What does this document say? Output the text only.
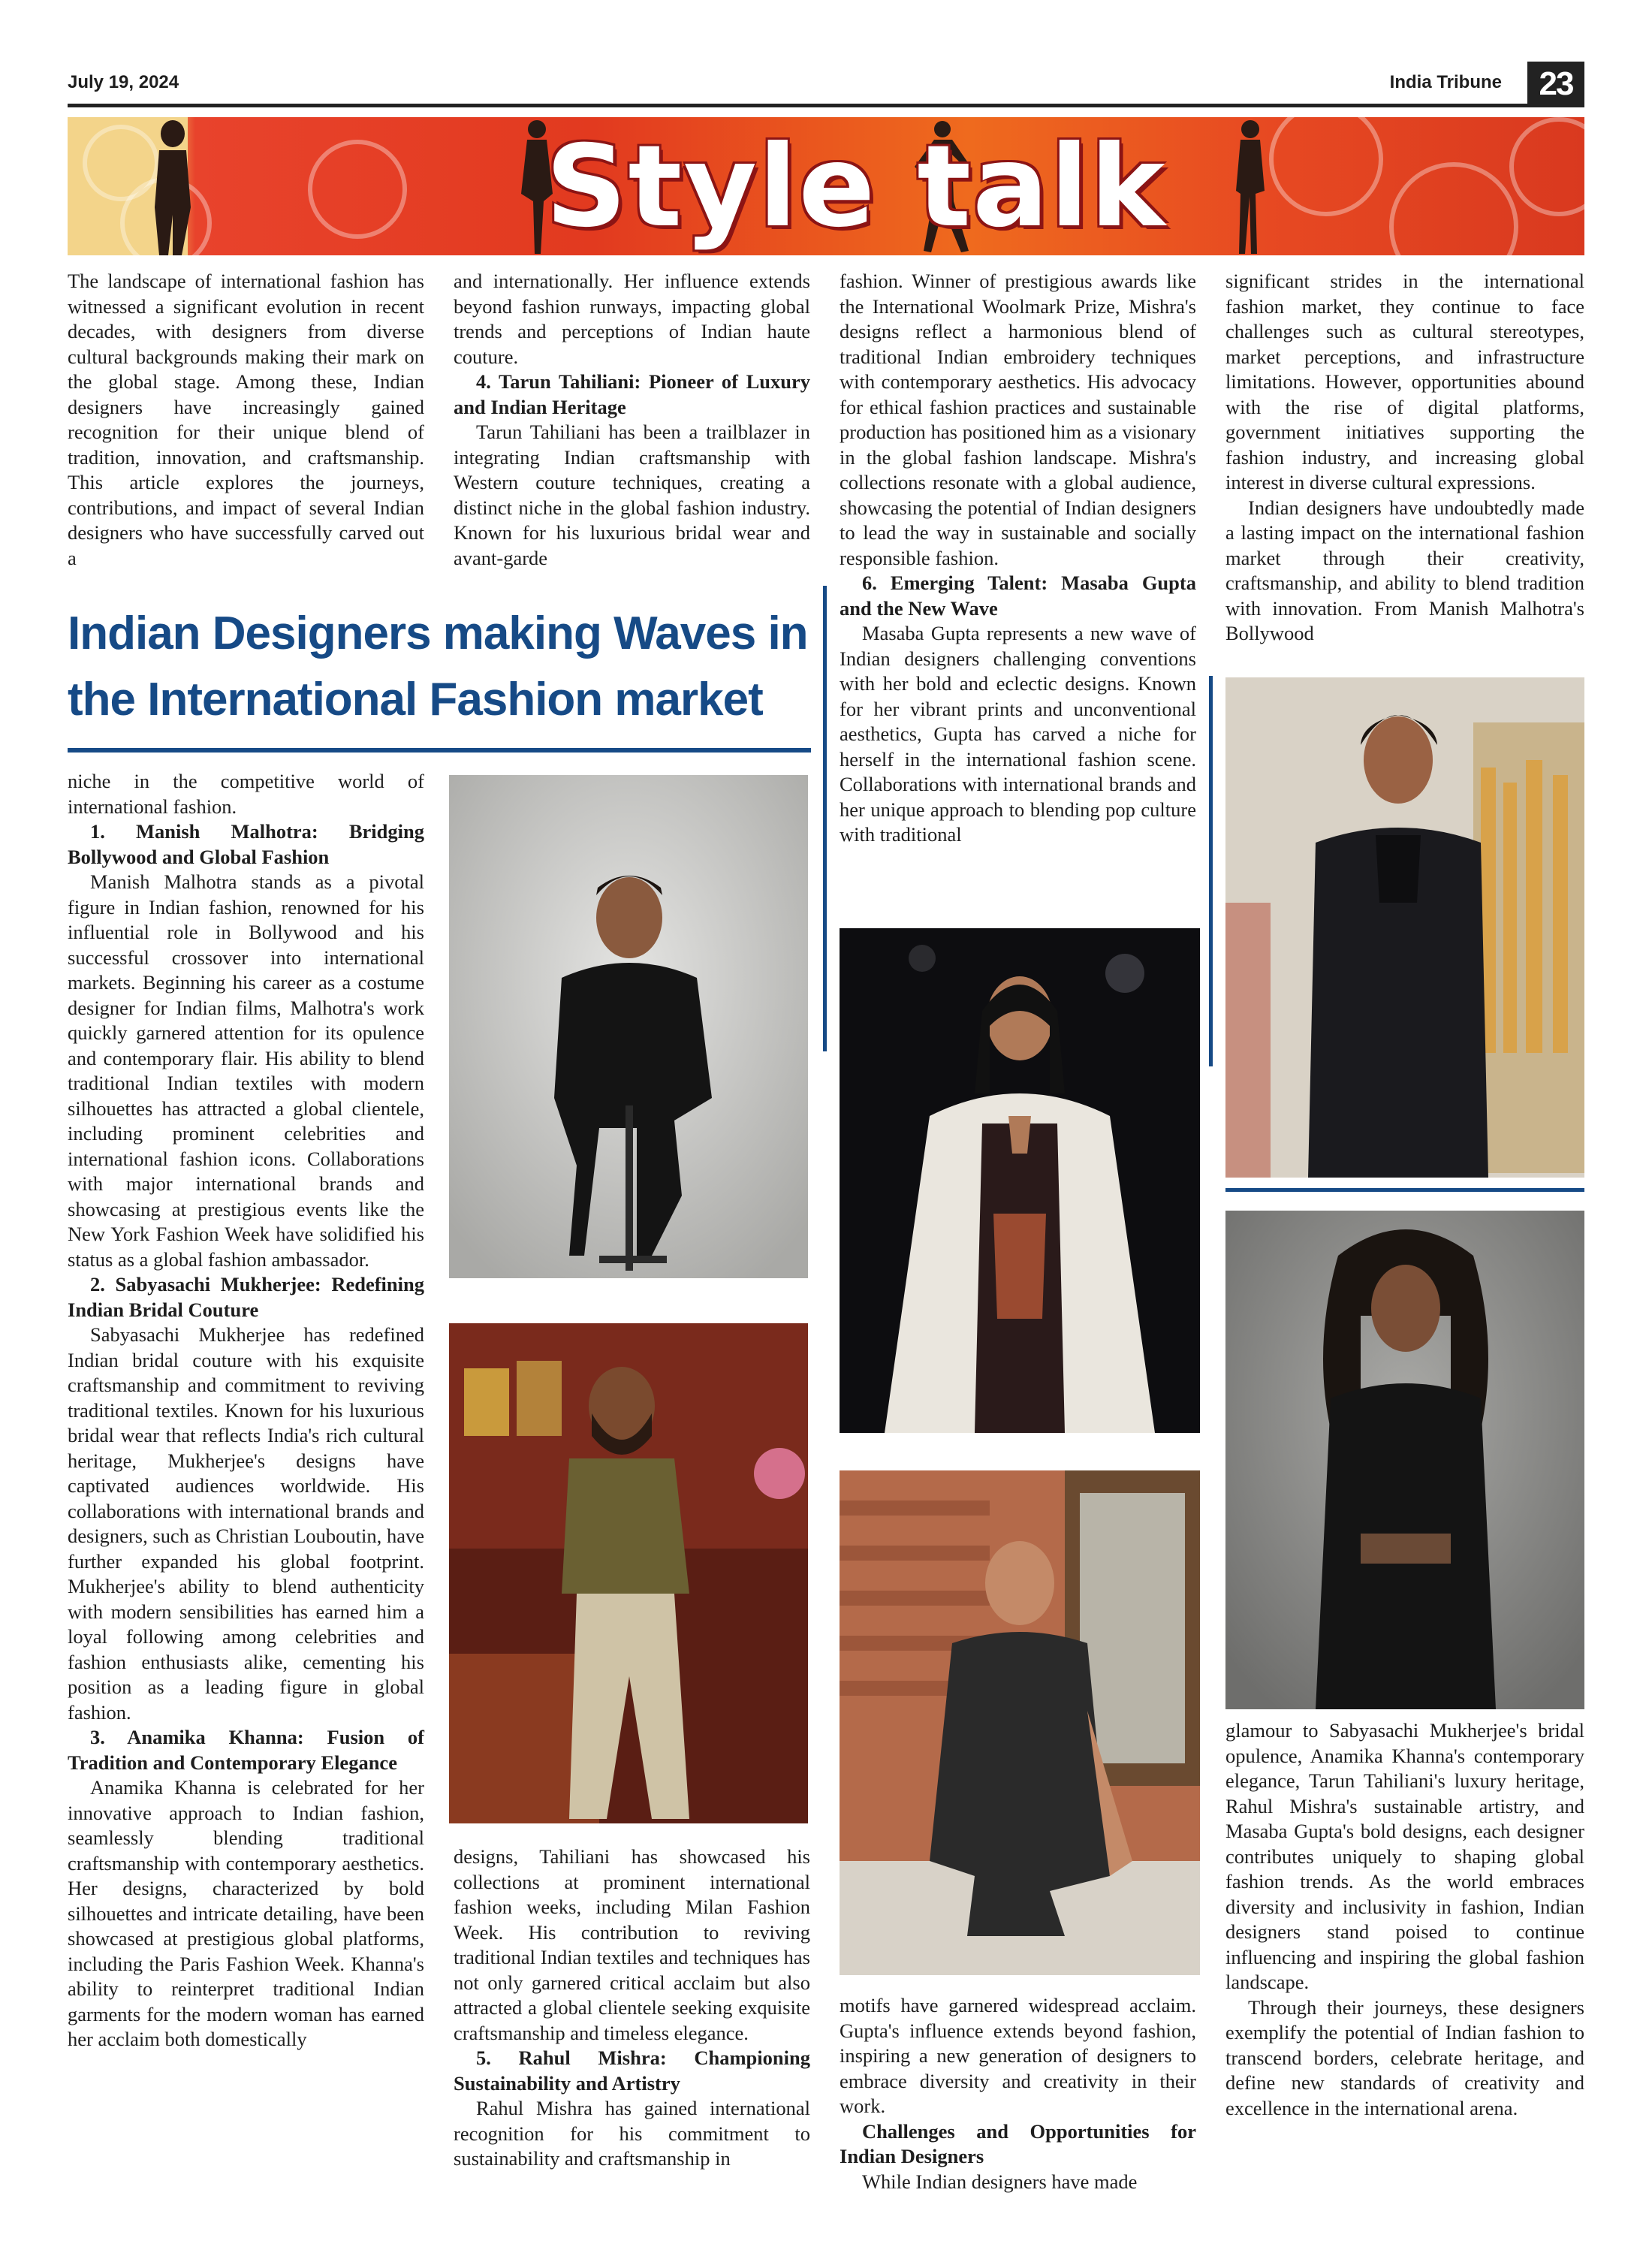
July 19, 2024	India Tribune	23
Style talk

The landscape of international fashion has witnessed a significant evolution in recent decades, with designers from diverse cultural backgrounds making their mark on the global stage. Among these, Indian designers have increasingly gained recognition for their unique blend of tradition, innovation, and craftsmanship. This article explores the journeys, contributions, and impact of several Indian designers who have successfully carved out a

and internationally. Her influence extends beyond fashion runways, impacting global trends and perceptions of Indian haute couture.

4. Tarun Tahiliani: Pioneer of Luxury and Indian Heritage

Tarun Tahiliani has been a trailblazer in integrating Indian craftsmanship with Western couture techniques, creating a distinct niche in the global fashion industry. Known for his luxurious bridal wear and avant-garde

Indian Designers making Waves in the International Fashion market

niche in the competitive world of international fashion.

1. Manish Malhotra: Bridging Bollywood and Global Fashion

Manish Malhotra stands as a pivotal figure in Indian fashion, renowned for his influential role in Bollywood and his successful crossover into international markets. Beginning his career as a costume designer for Indian films, Malhotra's work quickly garnered attention for its opulence and contemporary flair. His ability to blend traditional Indian textiles with modern silhouettes has attracted a global clientele, including prominent celebrities and international fashion icons. Collaborations with major international brands and showcasing at prestigious events like the New York Fashion Week have solidified his status as a global fashion ambassador.

2. Sabyasachi Mukherjee: Redefining Indian Bridal Couture

Sabyasachi Mukherjee has redefined Indian bridal couture with his exquisite craftsmanship and commitment to reviving traditional textiles. Known for his luxurious bridal wear that reflects India's rich cultural heritage, Mukherjee's designs have captivated audiences worldwide. His collaborations with international brands and designers, such as Christian Louboutin, have further expanded his global footprint. Mukherjee's ability to blend authenticity with modern sensibilities has earned him a loyal following among celebrities and fashion enthusiasts alike, cementing his position as a leading figure in global fashion.

3. Anamika Khanna: Fusion of Tradition and Contemporary Elegance

Anamika Khanna is celebrated for her innovative approach to Indian fashion, seamlessly blending traditional craftsmanship with contemporary aesthetics. Her designs, characterized by bold silhouettes and intricate detailing, have been showcased at prestigious global platforms, including the Paris Fashion Week. Khanna's ability to reinterpret traditional Indian garments for the modern woman has earned her acclaim both domestically

designs, Tahiliani has showcased his collections at prominent international fashion weeks, including Milan Fashion Week. His contribution to reviving traditional Indian textiles and techniques has not only garnered critical acclaim but also attracted a global clientele seeking exquisite craftsmanship and timeless elegance.

5. Rahul Mishra: Championing Sustainability and Artistry

Rahul Mishra has gained international recognition for his commitment to sustainability and craftsmanship in

fashion. Winner of prestigious awards like the International Woolmark Prize, Mishra's designs reflect a harmonious blend of traditional Indian embroidery techniques with contemporary aesthetics. His advocacy for ethical fashion practices and sustainable production has positioned him as a visionary in the global fashion landscape. Mishra's collections resonate with a global audience, showcasing the potential of Indian designers to lead the way in sustainable and socially responsible fashion.

6. Emerging Talent: Masaba Gupta and the New Wave

Masaba Gupta represents a new wave of Indian designers challenging conventions with her bold and eclectic designs. Known for her vibrant prints and unconventional aesthetics, Gupta has carved a niche for herself in the international fashion scene. Collaborations with international brands and her unique approach to blending pop culture with traditional

motifs have garnered widespread acclaim. Gupta's influence extends beyond fashion, inspiring a new generation of designers to embrace diversity and creativity in their work.

Challenges and Opportunities for Indian Designers

While Indian designers have made

significant strides in the international fashion market, they continue to face challenges such as cultural stereotypes, market perceptions, and infrastructure limitations. However, opportunities abound with the rise of digital platforms, government initiatives supporting the fashion industry, and increasing global interest in diverse cultural expressions.

Indian designers have undoubtedly made a lasting impact on the international fashion market through their creativity, craftsmanship, and ability to blend tradition with innovation. From Manish Malhotra's Bollywood

glamour to Sabyasachi Mukherjee's bridal opulence, Anamika Khanna's contemporary elegance, Tarun Tahiliani's luxury heritage, Rahul Mishra's sustainable artistry, and Masaba Gupta's bold designs, each designer contributes uniquely to shaping global fashion trends. As the world embraces diversity and inclusivity in fashion, Indian designers stand poised to continue influencing and inspiring the global fashion landscape.

Through their journeys, these designers exemplify the potential of Indian fashion to transcend borders, celebrate heritage, and define new standards of creativity and excellence in the international arena.
